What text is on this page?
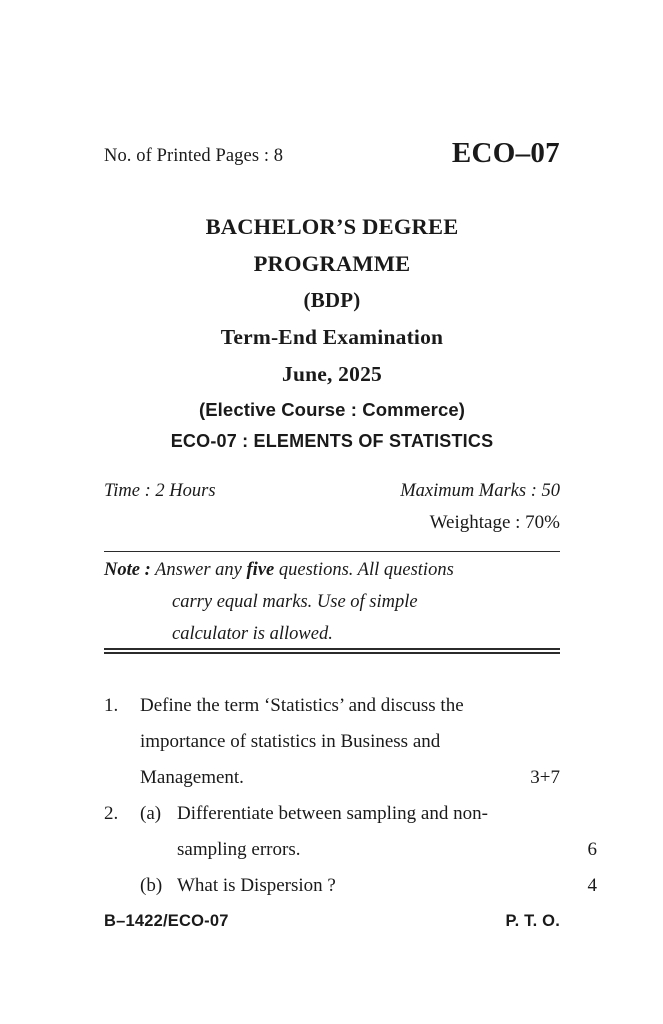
No. of Printed Pages : 8	ECO–07
BACHELOR’S DEGREE
PROGRAMME
(BDP)
Term-End Examination
June, 2025
(Elective Course : Commerce)
ECO-07 : ELEMENTS OF STATISTICS
Time : 2 Hours	Maximum Marks : 50
Weightage : 70%
Note : Answer any five questions. All questions
carry equal marks. Use of simple
calculator is allowed.
1.	Define the term ‘Statistics’ and discuss the
importance of statistics in Business and
Management.	3+7
2.	(a) Differentiate between sampling and non-
sampling errors.	6
(b) What is Dispersion ?	4
B–1422/ECO-07	P. T. O.
